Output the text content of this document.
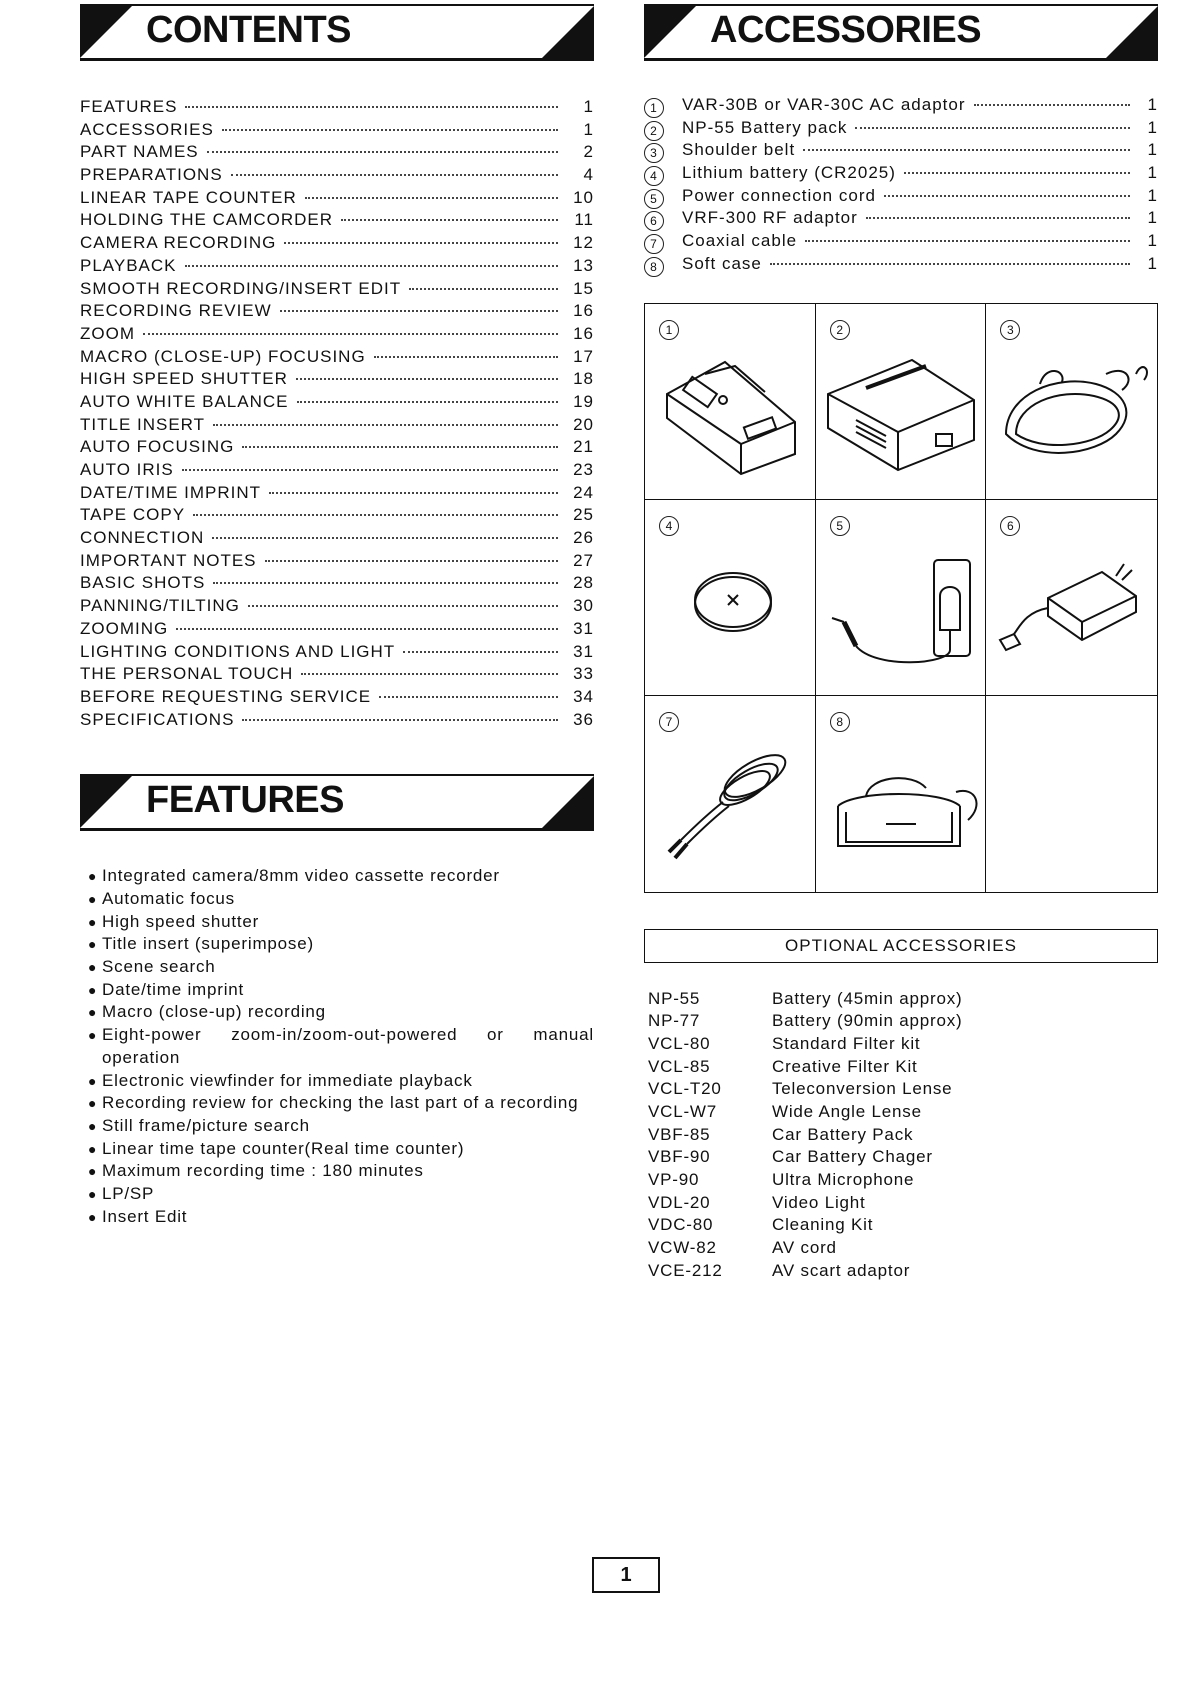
CONTENTS
FEATURES	1
ACCESSORIES	1
PART NAMES	2
PREPARATIONS	4
LINEAR TAPE COUNTER	10
HOLDING THE CAMCORDER	11
CAMERA RECORDING	12
PLAYBACK	13
SMOOTH RECORDING/INSERT EDIT	15
RECORDING REVIEW	16
ZOOM	16
MACRO (CLOSE-UP) FOCUSING	17
HIGH SPEED SHUTTER	18
AUTO WHITE BALANCE	19
TITLE INSERT	20
AUTO FOCUSING	21
AUTO IRIS	23
DATE/TIME IMPRINT	24
TAPE COPY	25
CONNECTION	26
IMPORTANT NOTES	27
BASIC SHOTS	28
PANNING/TILTING	30
ZOOMING	31
LIGHTING CONDITIONS AND LIGHT	31
THE PERSONAL TOUCH	33
BEFORE REQUESTING SERVICE	34
SPECIFICATIONS	36
FEATURES
● Integrated camera/8mm video cassette recorder
● Automatic focus
● High speed shutter
● Title insert (superimpose)
● Scene search
● Date/time imprint
● Macro (close-up) recording
● Eight-power zoom-in/zoom-out-powered or manual operation
● Electronic viewfinder for immediate playback
● Recording review for checking the last part of a recording
● Still frame/picture search
● Linear time tape counter(Real time counter)
● Maximum recording time : 180 minutes
● LP/SP
● Insert Edit
ACCESSORIES
1	VAR-30B or VAR-30C AC adaptor	1
2	NP-55 Battery pack	1
3	Shoulder belt	1
4	Lithium battery (CR2025)	1
5	Power connection cord	1
6	VRF-300 RF adaptor	1
7	Coaxial cable	1
8	Soft case	1
1	2	3
4	5	6
7	8
OPTIONAL ACCESSORIES
NP-55	Battery (45min approx)
NP-77	Battery (90min approx)
VCL-80	Standard Filter kit
VCL-85	Creative Filter Kit
VCL-T20	Teleconversion Lense
VCL-W7	Wide Angle Lense
VBF-85	Car Battery Pack
VBF-90	Car Battery Chager
VP-90	Ultra Microphone
VDL-20	Video Light
VDC-80	Cleaning Kit
VCW-82	AV cord
VCE-212	AV scart adaptor
1
